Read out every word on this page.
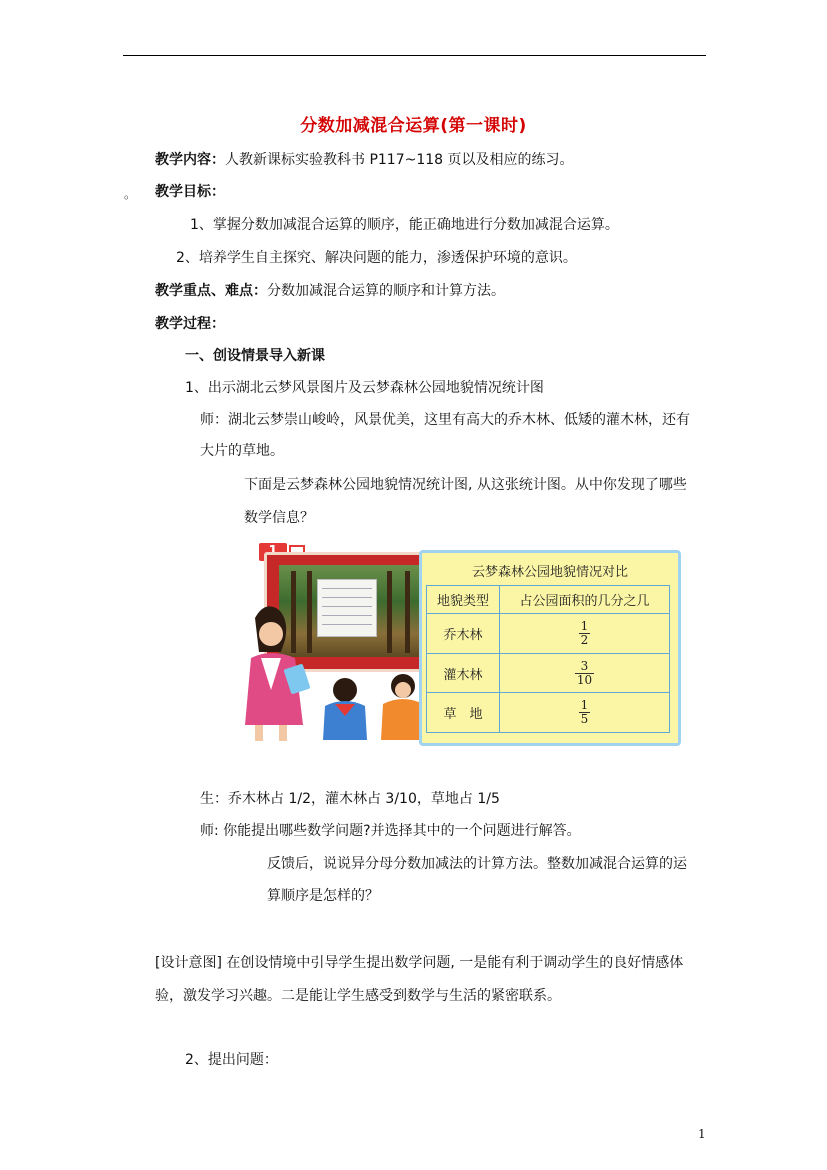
分数加减混合运算(第一课时)
教学内容：人教新课标实验教科书 P117~118 页以及相应的练习。
。 教学目标：
1、掌握分数加减混合运算的顺序，能正确地进行分数加减混合运算。
2、培养学生自主探究、解决问题的能力，渗透保护环境的意识。
教学重点、难点：分数加减混合运算的顺序和计算方法。
教学过程：
一、创设情景导入新课
1、出示湖北云梦风景图片及云梦森林公园地貌情况统计图
师：湖北云梦崇山峻岭，风景优美，这里有高大的乔木林、低矮的灌木林，还有
大片的草地。
下面是云梦森林公园地貌情况统计图, 从这张统计图。从中你发现了哪些
数学信息？
云梦森林公园地貌情况对比
地貌类型	占公园面积的几分之几
乔木林	$\frac{1}{2}$

灌木林	$\frac{3}{10}$

草　地	$\frac{1}{5}$
生：乔木林占 1/2，灌木林占 3/10，草地占 1/5
师: 你能提出哪些数学问题?并选择其中的一个问题进行解答。
反馈后，说说异分母分数加减法的计算方法。整数加减混合运算的运
算顺序是怎样的？
[设计意图] 在创设情境中引导学生提出数学问题, 一是能有利于调动学生的良好情感体
验，激发学习兴趣。二是能让学生感受到数学与生活的紧密联系。
2、提出问题：
1
